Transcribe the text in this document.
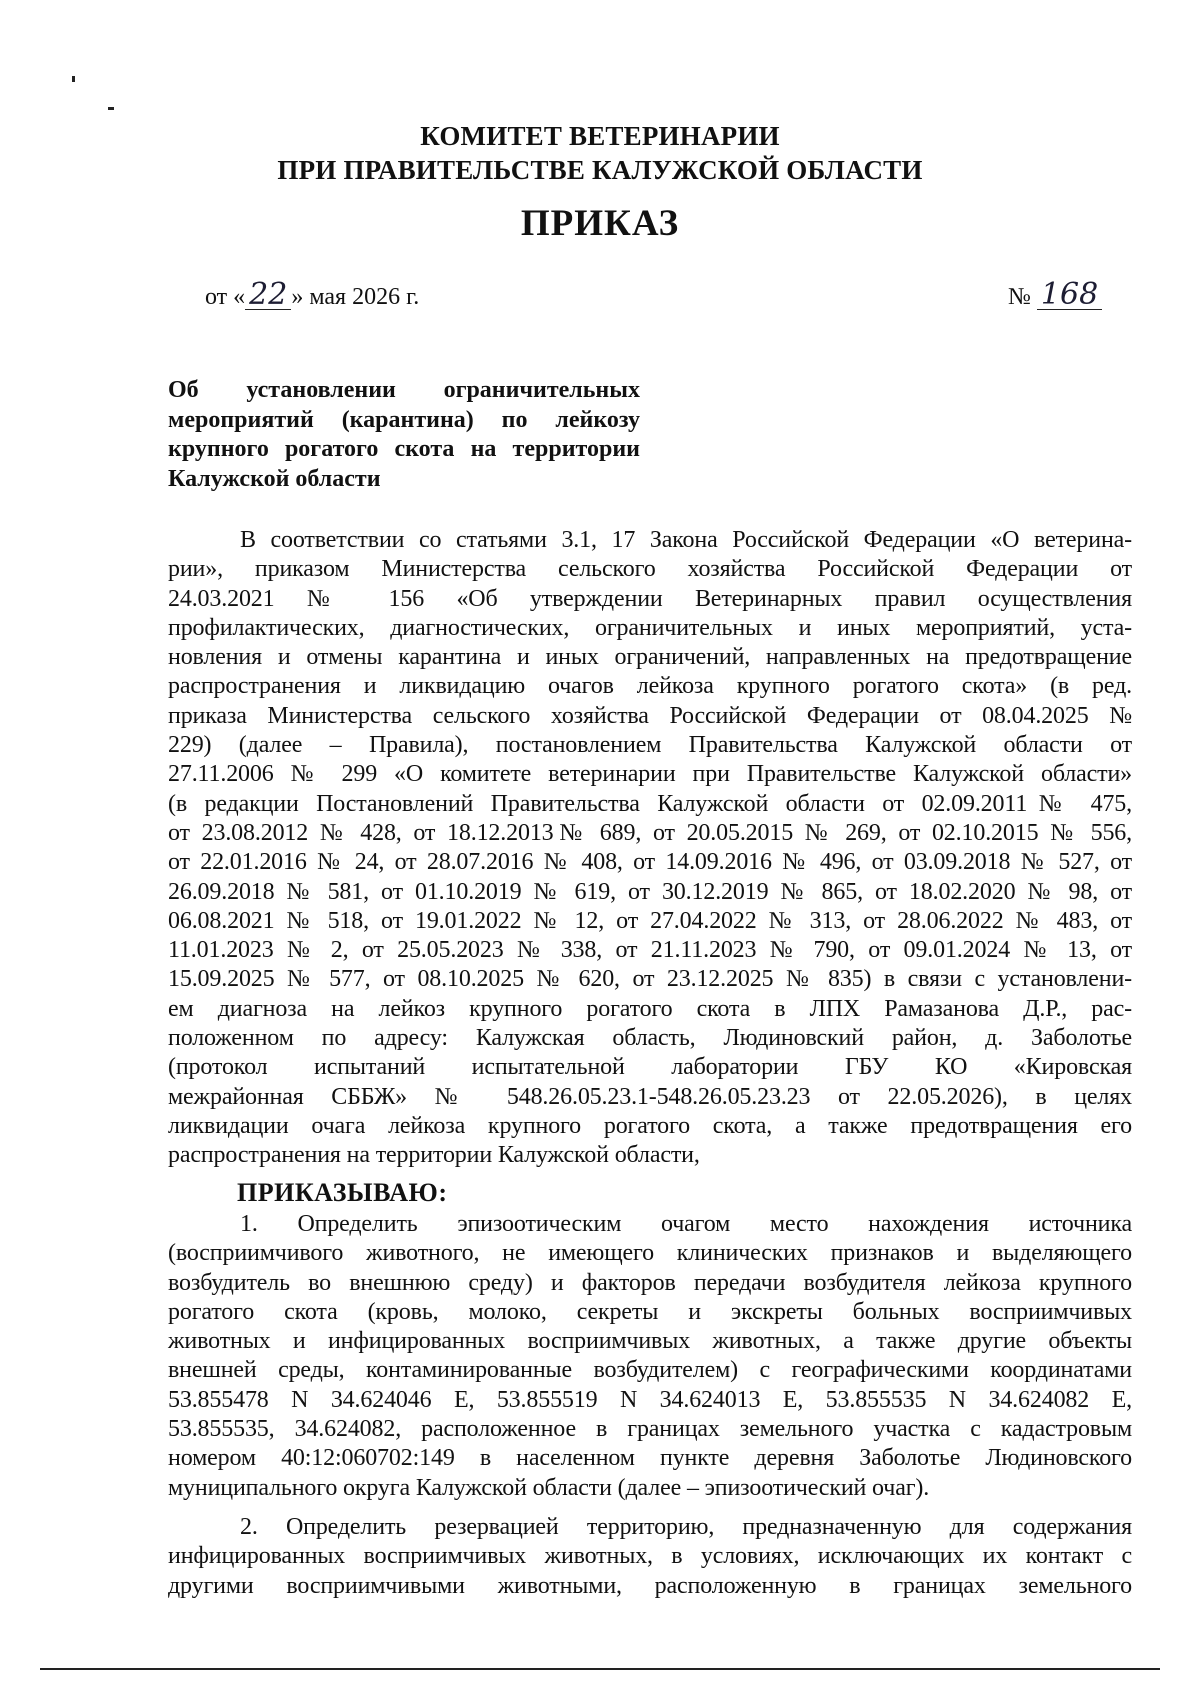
КОМИТЕТ ВЕТЕРИНАРИИ
ПРИ ПРАВИТЕЛЬСТВЕ КАЛУЖСКОЙ ОБЛАСТИ
ПРИКАЗ
от « 22 » мая 2026 г.	№ 168
Об установлении ограничительных
мероприятий (карантина) по лейкозу
крупного рогатого скота на территории
Калужской области
В соответствии со статьями 3.1, 17 Закона Российской Федерации «О ветерина-
рии», приказом Министерства сельского хозяйства Российской Федерации от
24.03.2021 № 156 «Об утверждении Ветеринарных правил осуществления
профилактических, диагностических, ограничительных и иных мероприятий, уста-
новления и отмены карантина и иных ограничений, направленных на предотвращение
распространения и ликвидацию очагов лейкоза крупного рогатого скота» (в ред.
приказа Министерства сельского хозяйства Российской Федерации от 08.04.2025 №
229) (далее – Правила), постановлением Правительства Калужской области от
27.11.2006 № 299 «О комитете ветеринарии при Правительстве Калужской области»
(в редакции Постановлений Правительства Калужской области от 02.09.2011№ 475,
от 23.08.2012 № 428, от 18.12.2013№ 689, от 20.05.2015 № 269, от 02.10.2015 № 556,
от 22.01.2016 № 24, от 28.07.2016 № 408, от 14.09.2016 № 496, от 03.09.2018 № 527, от
26.09.2018 № 581, от 01.10.2019 № 619, от 30.12.2019 № 865, от 18.02.2020 № 98, от
06.08.2021 № 518, от 19.01.2022 № 12, от 27.04.2022 № 313, от 28.06.2022 № 483, от
11.01.2023 № 2, от 25.05.2023 № 338, от 21.11.2023 № 790, от 09.01.2024 № 13, от
15.09.2025 № 577, от 08.10.2025 № 620, от 23.12.2025 № 835) в связи с установлени-
ем диагноза на лейкоз крупного рогатого скота в ЛПХ Рамазанова Д.Р., рас-
положенном по адресу: Калужская область, Людиновский район, д. Заболотье
(протокол испытаний испытательной лаборатории ГБУ КО «Кировская
межрайонная СББЖ» № 548.26.05.23.1-548.26.05.23.23 от 22.05.2026), в целях
ликвидации очага лейкоза крупного рогатого скота, а также предотвращения его
распространения на территории Калужской области,
ПРИКАЗЫВАЮ:
1. Определить эпизоотическим очагом место нахождения источника
(восприимчивого животного, не имеющего клинических признаков и выделяющего
возбудитель во внешнюю среду) и факторов передачи возбудителя лейкоза крупного
рогатого скота (кровь, молоко, секреты и экскреты больных восприимчивых
животных и инфицированных восприимчивых животных, а также другие объекты
внешней среды, контаминированные возбудителем) с географическими координатами
53.855478 N 34.624046 E, 53.855519 N 34.624013 E, 53.855535 N 34.624082 E,
53.855535, 34.624082, расположенное в границах земельного участка с кадастровым
номером 40:12:060702:149 в населенном пункте деревня Заболотье Людиновского
муниципального округа Калужской области (далее – эпизоотический очаг).
2. Определить резервацией территорию, предназначенную для содержания
инфицированных восприимчивых животных, в условиях, исключающих их контакт с
другими восприимчивыми животными, расположенную в границах земельного
